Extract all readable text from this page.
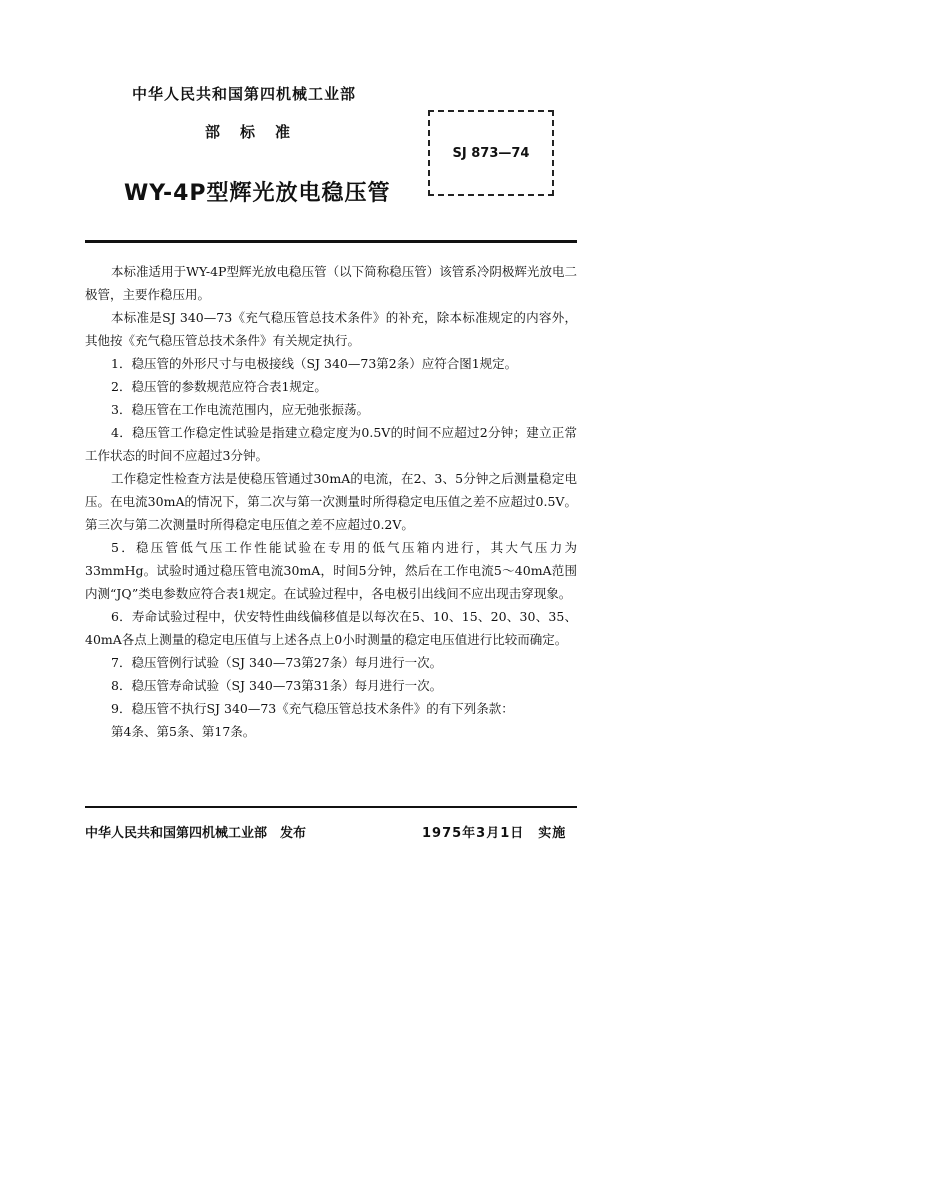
中华人民共和国第四机械工业部
部标准
WY-4P型辉光放电稳压管
SJ 873—74

本标准适用于WY-4P型辉光放电稳压管（以下简称稳压管）该管系冷阴极辉光放电二极管，主要作稳压用。

本标准是SJ 340—73《充气稳压管总技术条件》的补充，除本标准规定的内容外，其他按《充气稳压管总技术条件》有关规定执行。

1．稳压管的外形尺寸与电极接线（SJ 340—73第2条）应符合图1规定。

2．稳压管的参数规范应符合表1规定。

3．稳压管在工作电流范围内，应无弛张振荡。

4．稳压管工作稳定性试验是指建立稳定度为0.5V的时间不应超过2分钟；建立正常工作状态的时间不应超过3分钟。

工作稳定性检查方法是使稳压管通过30mA的电流，在2、3、5分钟之后测量稳定电压。在电流30mA的情况下，第二次与第一次测量时所得稳定电压值之差不应超过0.5V。第三次与第二次测量时所得稳定电压值之差不应超过0.2V。

5．稳压管低气压工作性能试验在专用的低气压箱内进行，其大气压力为33mmHg。试验时通过稳压管电流30mA，时间5分钟，然后在工作电流5～40mA范围内测“JQ”类电参数应符合表1规定。在试验过程中，各电极引出线间不应出现击穿现象。

6．寿命试验过程中，伏安特性曲线偏移值是以每次在5、10、15、20、30、35、40mA各点上测量的稳定电压值与上述各点上0小时测量的稳定电压值进行比较而确定。

7．稳压管例行试验（SJ 340—73第27条）每月进行一次。

8．稳压管寿命试验（SJ 340—73第31条）每月进行一次。

9．稳压管不执行SJ 340—73《充气稳压管总技术条件》的有下列条款：

第4条、第5条、第17条。

中华人民共和国第四机械工业部　发布	1975年3月1日　实施
